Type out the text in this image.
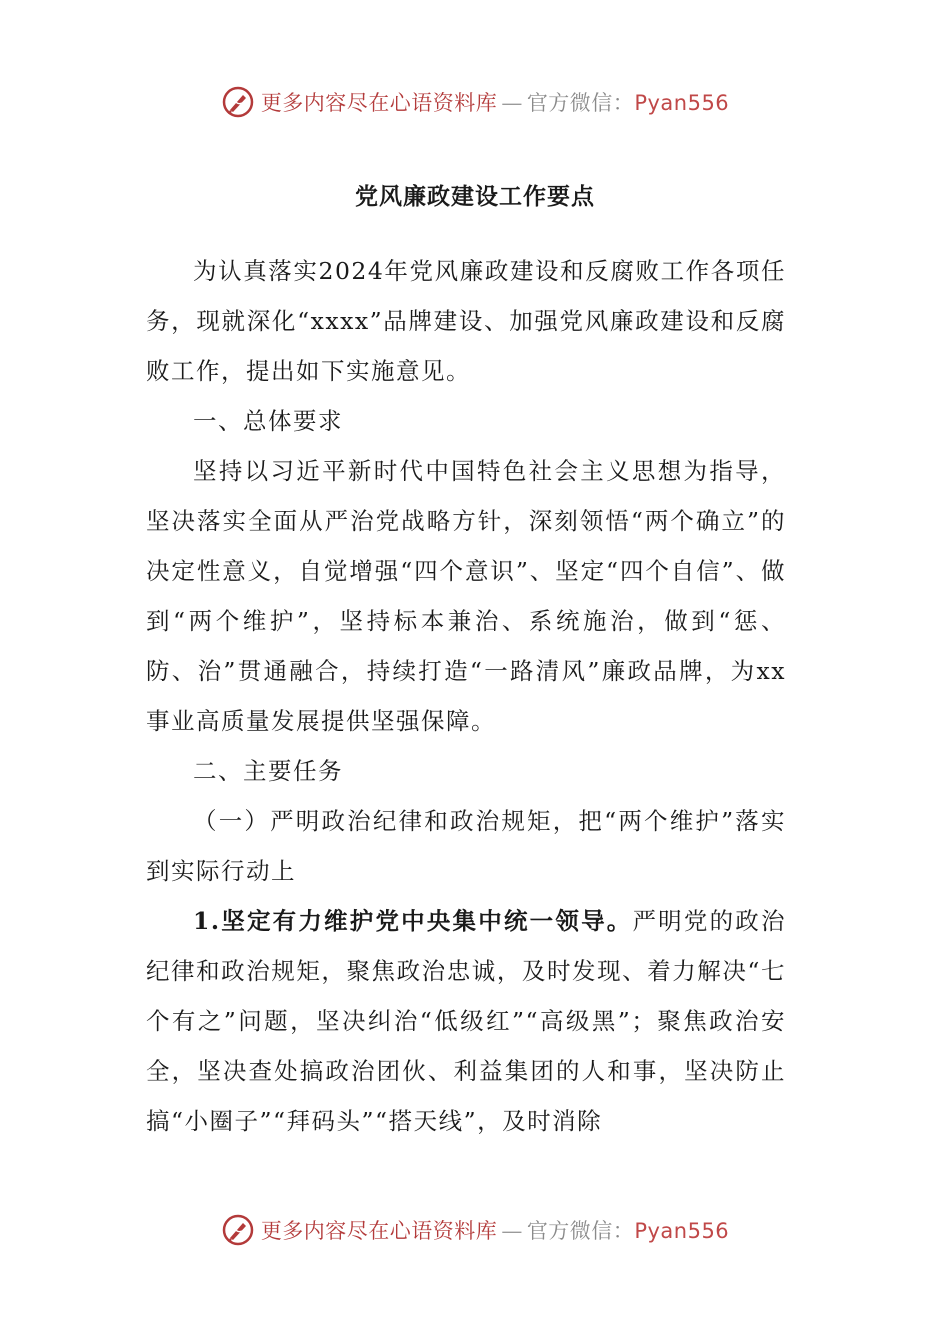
更多内容尽在心语资料库 — 官方微信：Pyan556
党风廉政建设工作要点

为认真落实2024年党风廉政建设和反腐败工作各项任务，现就深化“xxxx”品牌建设、加强党风廉政建设和反腐败工作，提出如下实施意见。

一、总体要求

坚持以习近平新时代中国特色社会主义思想为指导，坚决落实全面从严治党战略方针，深刻领悟“两个确立”的决定性意义，自觉增强“四个意识”、坚定“四个自信”、做到“两个维护”，坚持标本兼治、系统施治，做到“惩、防、治”贯通融合，持续打造“一路清风”廉政品牌，为xx事业高质量发展提供坚强保障。

二、主要任务

（一）严明政治纪律和政治规矩，把“两个维护”落实到实际行动上

1.坚定有力维护党中央集中统一领导。严明党的政治纪律和政治规矩，聚焦政治忠诚，及时发现、着力解决“七个有之”问题，坚决纠治“低级红”“高级黑”；聚焦政治安全，坚决查处搞政治团伙、利益集团的人和事，坚决防止搞“小圈子”“拜码头”“搭天线”，及时消除

更多内容尽在心语资料库 — 官方微信：Pyan556
